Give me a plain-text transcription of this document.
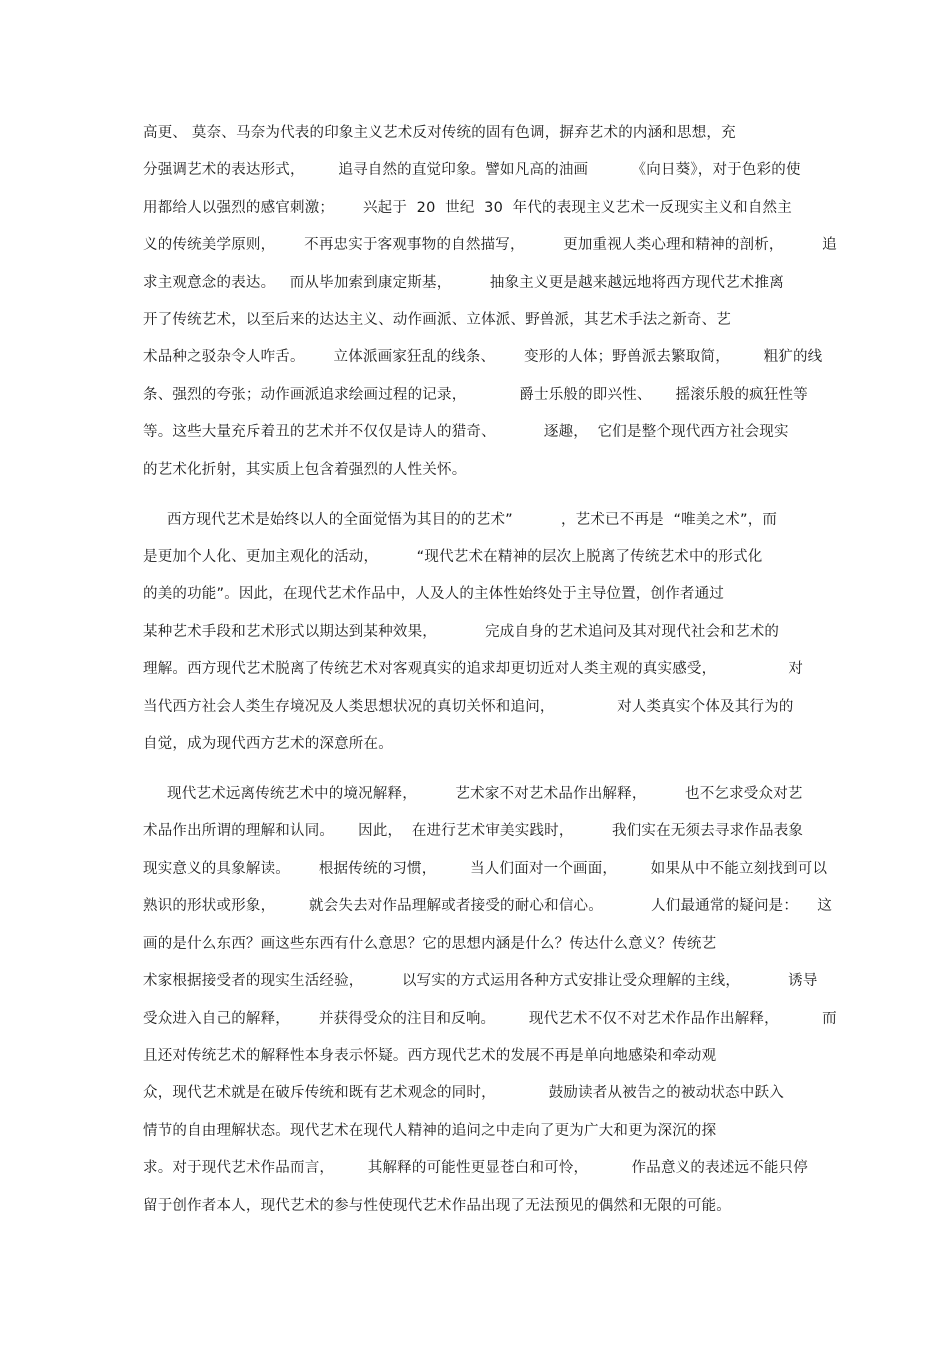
高更、 莫奈、马奈为代表的印象主义艺术反对传统的固有色调，摒弃艺术的内涵和思想，充
分强调艺术的表达形式，       追寻自然的直觉印象。譬如凡高的油画         《向日葵》，对于色彩的使
用都给人以强烈的感官刺激；      兴起于  20  世纪  30  年代的表现主义艺术一反现实主义和自然主
义的传统美学原则，      不再忠实于客观事物的自然描写，        更加重视人类心理和精神的剖析，        追
求主观意念的表达。   而从毕加索到康定斯基，        抽象主义更是越来越远地将西方现代艺术推离
开了传统艺术，以至后来的达达主义、动作画派、立体派、野兽派，其艺术手法之新奇、艺
术品种之驳杂令人咋舌。      立体派画家狂乱的线条、      变形的人体；野兽派去繁取简，       粗犷的线
条、强烈的夸张；动作画派追求绘画过程的记录，           爵士乐般的即兴性、     摇滚乐般的疯狂性等
等。这些大量充斥着丑的艺术并不仅仅是诗人的猎奇、          逐趣，  它们是整个现代西方社会现实
的艺术化折射，其实质上包含着强烈的人性关怀。
西方现代艺术是始终以人的全面觉悟为其目的的艺术”          ，艺术已不再是  “唯美之术”，而
是更加个人化、更加主观化的活动，        “现代艺术在精神的层次上脱离了传统艺术中的形式化
的美的功能”。因此，在现代艺术作品中，人及人的主体性始终处于主导位置，创作者通过
某种艺术手段和艺术形式以期达到某种效果，          完成自身的艺术追问及其对现代社会和艺术的
理解。西方现代艺术脱离了传统艺术对客观真实的追求却更切近对人类主观的真实感受，               对
当代西方社会人类生存境况及人类思想状况的真切关怀和追问，             对人类真实个体及其行为的
自觉，成为现代西方艺术的深意所在。
现代艺术远离传统艺术中的境况解释，        艺术家不对艺术品作出解释，        也不乞求受众对艺
术品作出所谓的理解和认同。     因此，  在进行艺术审美实践时，        我们实在无须去寻求作品表象
现实意义的具象解读。      根据传统的习惯，       当人们面对一个画面，       如果从中不能立刻找到可以
熟识的形状或形象，       就会失去对作品理解或者接受的耐心和信心。          人们最通常的疑问是：    这
画的是什么东西？画这些东西有什么意思？它的思想内涵是什么？传达什么意义？传统艺
术家根据接受者的现实生活经验，        以写实的方式运用各种方式安排让受众理解的主线，          诱导
受众进入自己的解释，      并获得受众的注目和反响。       现代艺术不仅不对艺术作品作出解释，         而
且还对传统艺术的解释性本身表示怀疑。西方现代艺术的发展不再是单向地感染和牵动观
众，现代艺术就是在破斥传统和既有艺术观念的同时，           鼓励读者从被告之的被动状态中跃入
情节的自由理解状态。现代艺术在现代人精神的追问之中走向了更为广大和更为深沉的探
求。对于现代艺术作品而言，       其解释的可能性更显苍白和可怜，         作品意义的表述远不能只停
留于创作者本人，现代艺术的参与性使现代艺术作品出现了无法预见的偶然和无限的可能。
